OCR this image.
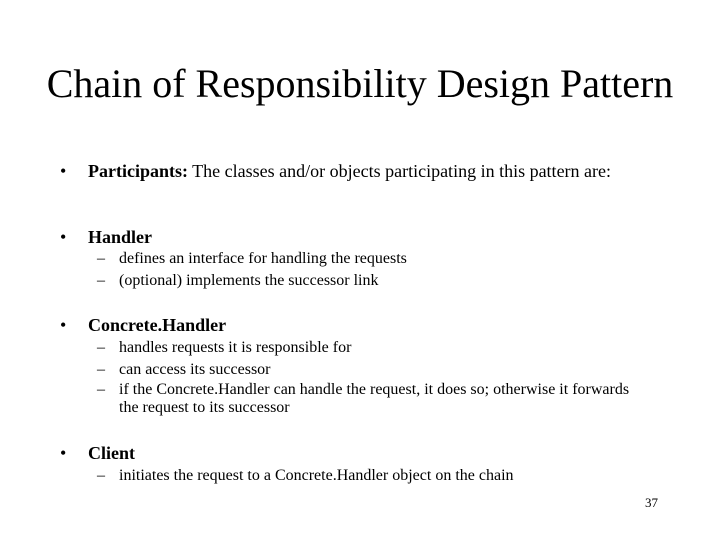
Chain of Responsibility Design Pattern
• Participants: The classes and/or objects participating in this pattern are:
• Handler
– defines an interface for handling the requests
– (optional) implements the successor link
• Concrete.Handler
– handles requests it is responsible for
– can access its successor
– if the Concrete.Handler can handle the request, it does so; otherwise it forwards the request to its successor
• Client
– initiates the request to a Concrete.Handler object on the chain
37
